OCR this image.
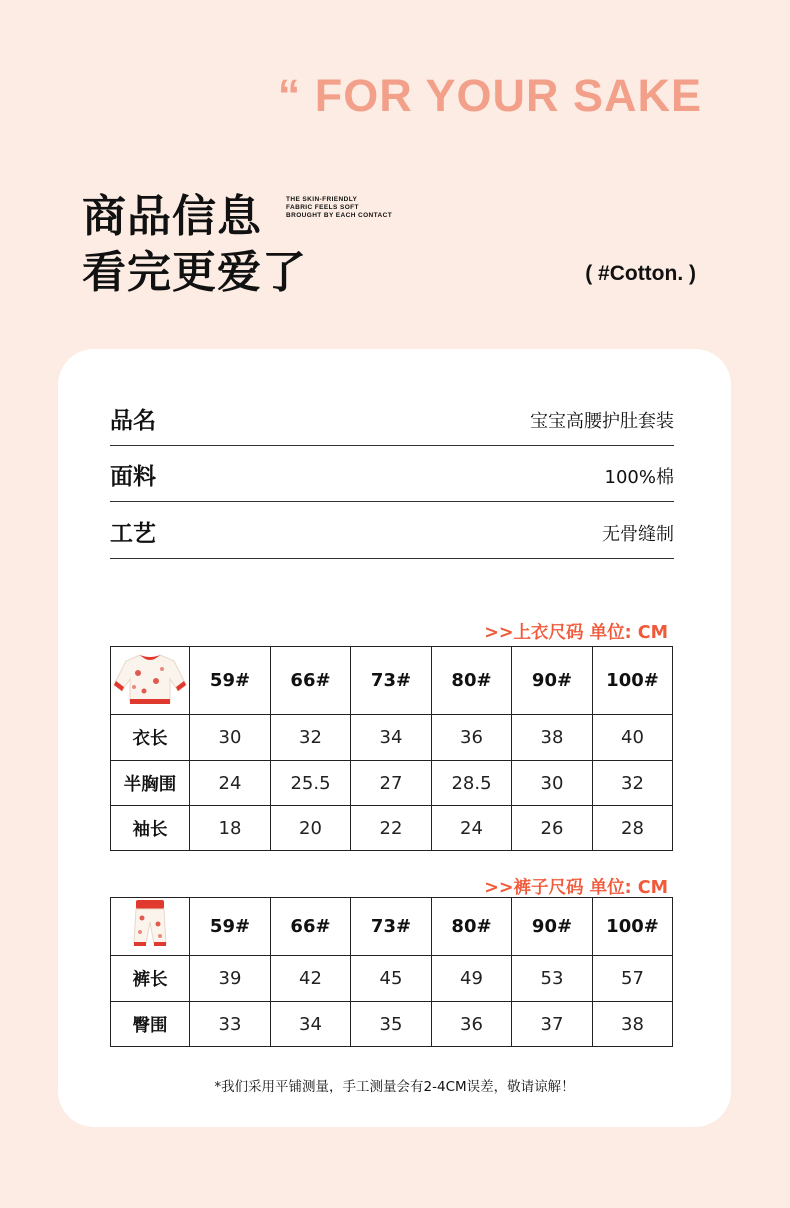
“ FOR YOUR SAKE
商品信息	THE SKIN-FRIENDLY
FABRIC FEELS SOFT
BROUGHT BY EACH CONTACT
看完更爱了	( #Cotton. )
品名	宝宝高腰护肚套装
面料	100%棉
工艺	无骨缝制
>>上衣尺码 单位: CM
	59#	66#	73#	80#	90#	100#
衣长	30	32	34	36	38	40
半胸围	24	25.5	27	28.5	30	32
袖长	18	20	22	24	26	28
>>裤子尺码 单位: CM
	59#	66#	73#	80#	90#	100#
裤长	39	42	45	49	53	57
臀围	33	34	35	36	37	38
*我们采用平铺测量，手工测量会有2-4CM误差，敬请谅解！
